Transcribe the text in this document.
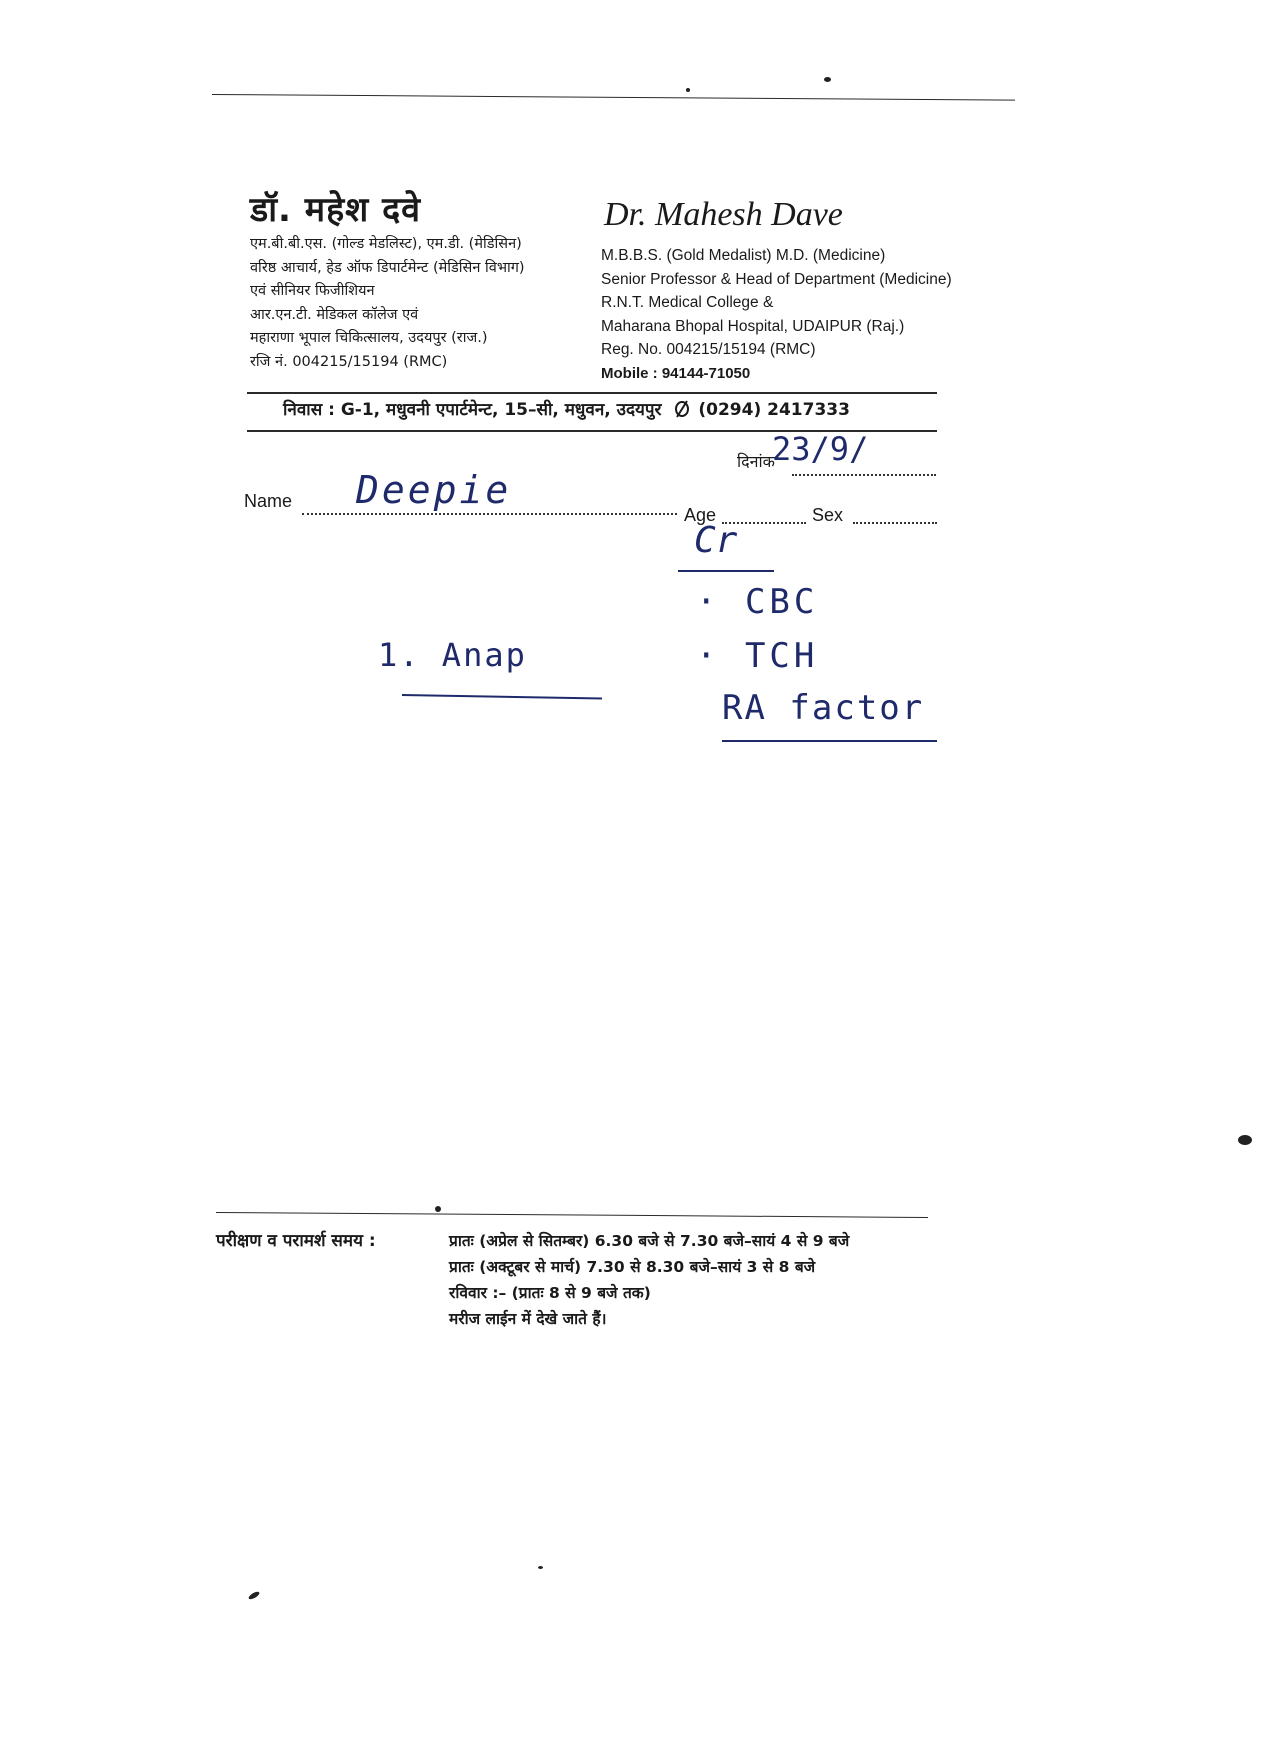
डॉ. महेश दवे
एम.बी.बी.एस. (गोल्ड मेडलिस्ट), एम.डी. (मेडिसिन)
वरिष्ठ आचार्य, हेड ऑफ डिपार्टमेन्ट (मेडिसिन विभाग)
एवं सीनियर फिजीशियन
आर.एन.टी. मेडिकल कॉलेज एवं
महाराणा भूपाल चिकित्सालय, उदयपुर (राज.)
रजि नं. 004215/15194 (RMC)
Dr. Mahesh Dave
M.B.B.S. (Gold Medalist) M.D. (Medicine)
Senior Professor & Head of Department (Medicine)
R.N.T. Medical College &
Maharana Bhopal Hospital, UDAIPUR (Raj.)
Reg. No. 004215/15194 (RMC)
Mobile : 94144-71050
निवास : G-1, मधुवनी एपार्टमेन्ट, 15–सी, मधुवन, उदयपुर (0294) 2417333
दिनांक
23/9/
Name Deepie
Age	Sex
Cr
· CBC
· TCH
RA factor
1. Anap
परीक्षण व परामर्श समय :	प्रातः (अप्रेल से सितम्बर) 6.30 बजे से 7.30 बजे–सायं 4 से 9 बजे
प्रातः (अक्टूबर से मार्च) 7.30 से 8.30 बजे–सायं 3 से 8 बजे
रविवार :– (प्रातः 8 से 9 बजे तक)
मरीज लाईन में देखे जाते हैं।
